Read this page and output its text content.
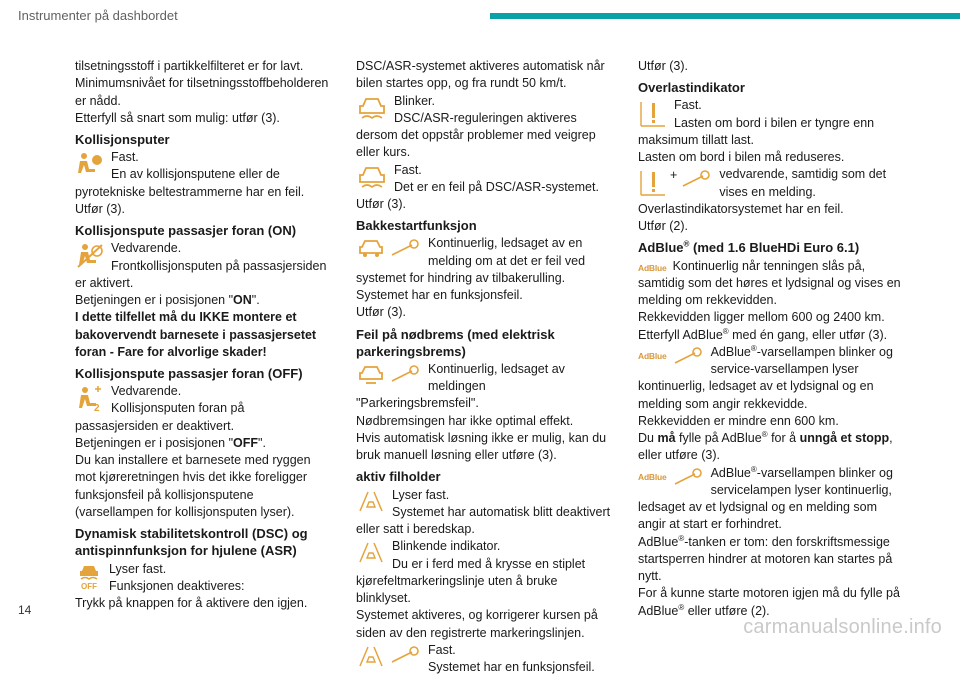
Instrumenter på dashbordet

tilsetningsstoff i partikkelfilteret er for lavt.

Minimumsnivået for tilsetningsstoffbeholderen er nådd.

Etterfyll så snart som mulig: utfør (3).

Kollisjonsputer

Fast.

En av kollisjonsputene eller de pyrotekniske beltestrammerne har en feil.

Utfør (3).

Kollisjonspute passasjer foran (ON)

Vedvarende.

Frontkollisjonsputen på passasjersiden er aktivert.

Betjeningen er i posisjonen "ON".

I dette tilfellet må du IKKE montere et bakovervendt barnesete i passasjersetet foran - Fare for alvorlige skader!

Kollisjonspute passasjer foran (OFF)
2

Vedvarende.

Kollisjonsputen foran på passasjersiden er deaktivert.

Betjeningen er i posisjonen "OFF".

Du kan installere et barnesete med ryggen mot kjøreretningen hvis det ikke foreligger funksjonsfeil på kollisjonsputene (varsellampen for kollisjonsputen lyser).

Dynamisk stabilitetskontroll (DSC) og antispinnfunksjon for hjulene (ASR)
OFF

Lyser fast.

Funksjonen deaktiveres:

Trykk på knappen for å aktivere den igjen.

DSC/ASR-systemet aktiveres automatisk når bilen startes opp, og fra rundt 50 km/t.

Blinker.

DSC/ASR-reguleringen aktiveres dersom det oppstår problemer med veigrep eller kurs.

Fast.

Det er en feil på DSC/ASR-systemet.

Utfør (3).

Bakkestartfunksjon

Kontinuerlig, ledsaget av en melding om at det er feil ved systemet for hindring av tilbakerulling.

Systemet har en funksjonsfeil.

Utfør (3).

Feil på nødbrems (med elektrisk parkeringsbrems)

Kontinuerlig, ledsaget av meldingen "Parkeringsbremsfeil".

Nødbremsingen har ikke optimal effekt.

Hvis automatisk løsning ikke er mulig, kan du bruk manuell løsning eller utføre (3).

aktiv filholder

Lyser fast.

Systemet har automatisk blitt deaktivert eller satt i beredskap.

Blinkende indikator.

Du er i ferd med å krysse en stiplet kjørefeltmarkeringslinje uten å bruke blinklyset.

Systemet aktiveres, og korrigerer kursen på siden av den registrerte markeringslinjen.

Fast.

Systemet har en funksjonsfeil.

Utfør (3).

Overlastindikator

Fast.

Lasten om bord i bilen er tyngre enn maksimum tillatt last.

Lasten om bord i bilen må reduseres.

+	vedvarende, samtidig som det vises en melding.

Overlastindikatorsystemet har en feil.

Utfør (2).

AdBlue® (med 1.6 BlueHDi Euro 6.1)
AdBlue Kontinuerlig når tenningen slås på, samtidig som det høres et lydsignal og vises en melding om rekkevidden.

Rekkevidden ligger mellom 600 og 2400 km.

Etterfyll AdBlue® med én gang, eller utfør (3).

AdBlue	AdBlue®-varsellampen blinker og service-varsellampen lyser kontinuerlig, ledsaget av et lydsignal og en melding som angir rekkevidde.

Rekkevidden er mindre enn 600 km.

Du må fylle på AdBlue® for å unngå et stopp, eller utføre (3).

AdBlue	AdBlue®-varsellampen blinker og servicelampen lyser kontinuerlig, ledsaget av et lydsignal og en melding som angir at start er forhindret.

AdBlue®-tanken er tom: den forskriftsmessige startsperren hindrer at motoren kan startes på nytt.

For å kunne starte motoren igjen må du fylle på AdBlue® eller utføre (2).

14
carmanualsonline.info
